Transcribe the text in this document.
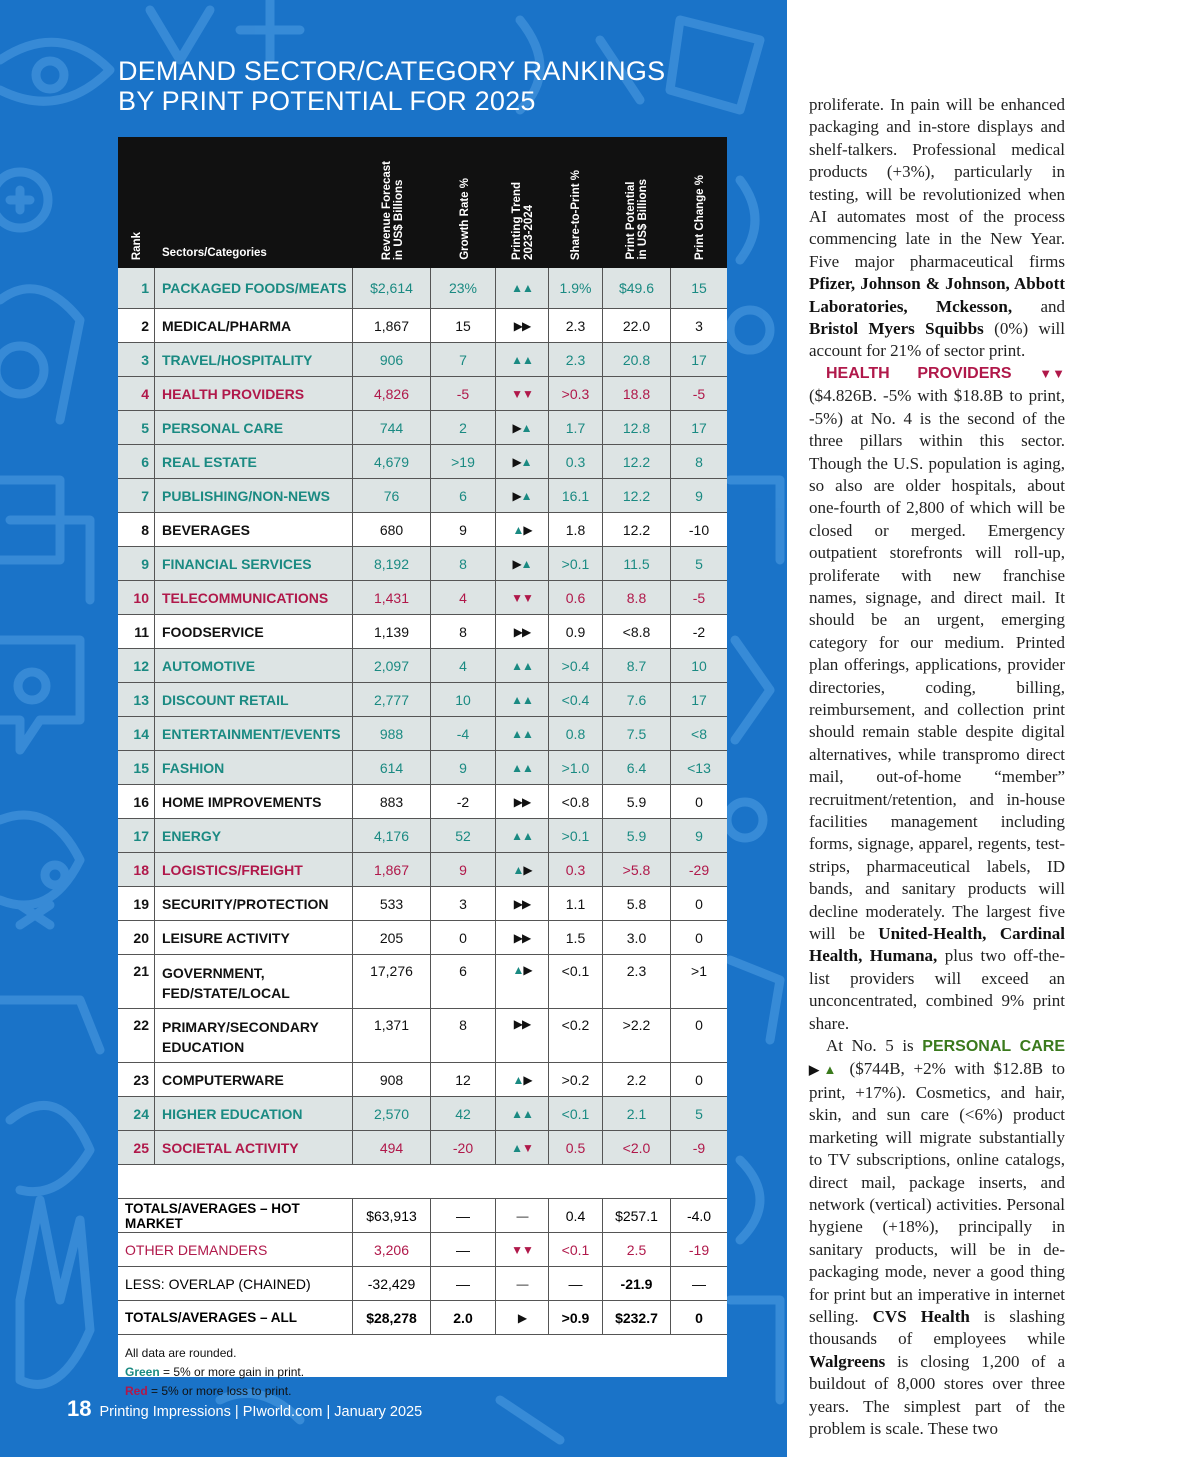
DEMAND SECTOR/CATEGORY RANKINGS
BY PRINT POTENTIAL FOR 2025
Rank Sectors/Categories	Revenue Forecast
in US$ Billions	Growth Rate %	Printing Trend
2023-2024	Share-to-Print %	Print Potential
in US$ Billions	Print Change %
1 PACKAGED FOODS/MEATS	$2,614	23%	▲ ▲	1.9%	$49.6	15
2 MEDICAL/PHARMA	1,867	15	▶ ▶	2.3	22.0	3
3 TRAVEL/HOSPITALITY	906	7	▲ ▲	2.3	20.8	17
4 HEALTH PROVIDERS	4,826	-5	▼ ▼	>0.3	18.8	-5
5 PERSONAL CARE	744	2	▶ ▲	1.7	12.8	17
6 REAL ESTATE	4,679	>19	▶ ▲	0.3	12.2	8
7 PUBLISHING/NON-NEWS	76	6	▶ ▲	16.1	12.2	9
8 BEVERAGES	680	9	▲ ▶	1.8	12.2	-10
9 FINANCIAL SERVICES	8,192	8	▶ ▲	>0.1	11.5	5
10 TELECOMMUNICATIONS	1,431	4	▼ ▼	0.6	8.8	-5
11 FOODSERVICE	1,139	8	▶ ▶	0.9	<8.8	-2
12 AUTOMOTIVE	2,097	4	▲ ▲	>0.4	8.7	10
13 DISCOUNT RETAIL	2,777	10	▲ ▲	<0.4	7.6	17
14 ENTERTAINMENT/EVENTS	988	-4	▲ ▲	0.8	7.5	<8
15 FASHION	614	9	▲ ▲	>1.0	6.4	<13
16 HOME IMPROVEMENTS	883	-2	▶ ▶	<0.8	5.9	0
17 ENERGY	4,176	52	▲ ▲	>0.1	5.9	9
18 LOGISTICS/FREIGHT	1,867	9	▲ ▶	0.3	>5.8	-29
19 SECURITY/PROTECTION	533	3	▶ ▶	1.1	5.8	0
20 LEISURE ACTIVITY	205	0	▶ ▶	1.5	3.0	0
21 GOVERNMENT, FED/STATE/LOCAL
17,276	6	▲ ▶	<0.1	2.3	>1
22 PRIMARY/SECONDARY EDUCATION
1,371	8	▶ ▶	<0.2	>2.2	0
23 COMPUTERWARE	908	12	▲ ▶	>0.2	2.2	0
24 HIGHER EDUCATION	2,570	42	▲ ▲	<0.1	2.1	5
25 SOCIETAL ACTIVITY	494	-20	▲ ▼	0.5	<2.0	-9
TOTALS/AVERAGES – HOT MARKET	$63,913	—	—	0.4	$257.1	-4.0
OTHER DEMANDERS	3,206	—	▼ ▼	<0.1	2.5	-19
LESS: OVERLAP (CHAINED)	-32,429	—	—	—	-21.9	—
TOTALS/AVERAGES – ALL	$28,278	2.0	▶	>0.9	$232.7	0
All data are rounded.
Green = 5% or more gain in print.
Red = 5% or more loss to print.
18 Printing Impressions | PIworld.com | January 2025

proliferate. In pain will be enhanced packaging and in-store displays and shelf-talkers. Professional medical products (+3%), particularly in testing, will be revolutionized when AI automates most of the process commencing late in the New Year. Five major pharmaceutical firms Pfizer, Johnson & Johnson, Abbott Laboratories, Mckesson, and Bristol Myers Squibbs (0%) will account for 21% of sector print.

HEALTH PROVIDERS ▼▼

($4.826B. -5% with $18.8B to print, -5%) at No. 4 is the second of the three pillars within this sector. Though the U.S. population is aging, so also are older hospitals, about one-fourth of 2,800 of which will be closed or merged. Emergency outpatient storefronts will roll-up, proliferate with new franchise names, signage, and direct mail. It should be an urgent, emerging category for our medium. Printed plan offerings, applications, provider directories, coding, billing, reimbursement, and collection print should remain stable despite digital alternatives, while transpromo direct mail, out-of-home “member” recruitment/retention, and in-house facilities management including forms, signage, apparel, regents, test-strips, pharmaceutical labels, ID bands, and sanitary products will decline moderately. The largest five will be United-Health, Cardinal Health, Humana, plus two off-the-list providers will exceed an unconcentrated, combined 9% print share.

At No. 5 is PERSONAL CARE ▶▲ ($744B, +2% with $12.8B to print, +17%). Cosmetics, and hair, skin, and sun care (<6%) product marketing will migrate substantially to TV subscriptions, online catalogs, direct mail, package inserts, and network (vertical) activities. Personal hygiene (+18%), principally in sanitary products, will be in de-packaging mode, never a good thing for print but an imperative in internet selling. CVS Health is slashing thousands of employees while Walgreens is closing 1,200 of a buildout of 8,000 stores over three years. The simplest part of the problem is scale. These two
